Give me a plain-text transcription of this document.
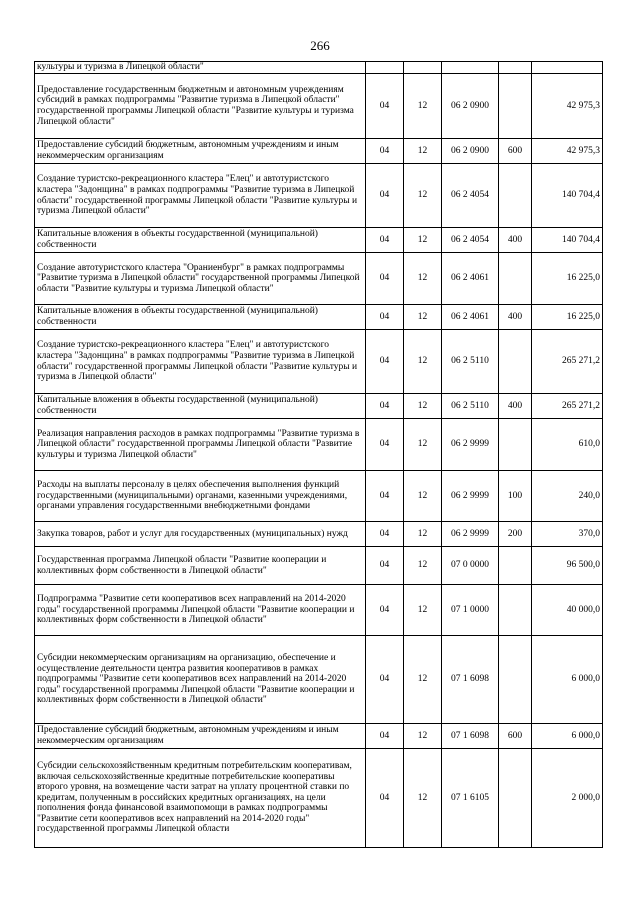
266
культуры и туризма в Липецкой области"					
Предоставление государственным бюджетным и автономным учреждениям субсидий в рамках подпрограммы "Развитие туризма в Липецкой области" государственной программы Липецкой области "Развитие культуры и туризма Липецкой области"	04	12	06 2 0900		42 975,3
Предоставление субсидий бюджетным, автономным учреждениям и иным некоммерческим организациям	04	12	06 2 0900	600	42 975,3
Создание туристско-рекреационного кластера "Елец" и автотуристского кластера "Задонщина" в рамках подпрограммы "Развитие туризма в Липецкой области" государственной программы Липецкой области "Развитие культуры и туризма Липецкой области"	04	12	06 2 4054		140 704,4
Капитальные вложения в объекты государственной (муниципальной) собственности	04	12	06 2 4054	400	140 704,4
Создание автотуристского кластера "Ораниенбург" в рамках подпрограммы "Развитие туризма в Липецкой области" государственной программы Липецкой области "Развитие культуры и туризма Липецкой области"	04	12	06 2 4061		16 225,0
Капитальные вложения в объекты государственной (муниципальной) собственности	04	12	06 2 4061	400	16 225,0
Создание туристско-рекреационного кластера "Елец" и автотуристского кластера "Задонщина" в рамках подпрограммы "Развитие туризма в Липецкой области" государственной программы Липецкой области "Развитие культуры и туризма в Липецкой области"	04	12	06 2 5110		265 271,2
Капитальные вложения в объекты государственной (муниципальной) собственности	04	12	06 2 5110	400	265 271,2
Реализация направления расходов в рамках подпрограммы "Развитие туризма в Липецкой области" государственной программы Липецкой области "Развитие культуры и туризма Липецкой области"	04	12	06 2 9999		610,0
Расходы на выплаты персоналу в целях обеспечения выполнения функций государственными (муниципальными) органами, казенными учреждениями, органами управления государственными внебюджетными фондами	04	12	06 2 9999	100	240,0
Закупка товаров, работ и услуг для государственных (муниципальных) нужд	04	12	06 2 9999	200	370,0
Государственная программа Липецкой области "Развитие кооперации и коллективных форм собственности в Липецкой области"	04	12	07 0 0000		96 500,0
Подпрограмма "Развитие сети кооперативов всех направлений на 2014-2020 годы" государственной программы Липецкой области "Развитие кооперации и коллективных форм собственности в Липецкой области"	04	12	07 1 0000		40 000,0
Субсидии некоммерческим организациям на организацию, обеспечение и осуществление деятельности центра развития кооперативов в рамках подпрограммы "Развитие сети кооперативов всех направлений на 2014-2020 годы" государственной программы Липецкой области "Развитие кооперации и коллективных форм собственности в Липецкой области"	04	12	07 1 6098		6 000,0
Предоставление субсидий бюджетным, автономным учреждениям и иным некоммерческим организациям	04	12	07 1 6098	600	6 000,0
Субсидии сельскохозяйственным кредитным потребительским кооперативам, включая сельскохозяйственные кредитные потребительские кооперативы второго уровня, на возмещение части затрат на уплату процентной ставки по кредитам, полученным в российских кредитных организациях, на цели пополнения фонда финансовой взаимопомощи в рамках подпрограммы "Развитие сети кооперативов всех направлений на 2014-2020 годы" государственной программы Липецкой области	04	12	07 1 6105		2 000,0
